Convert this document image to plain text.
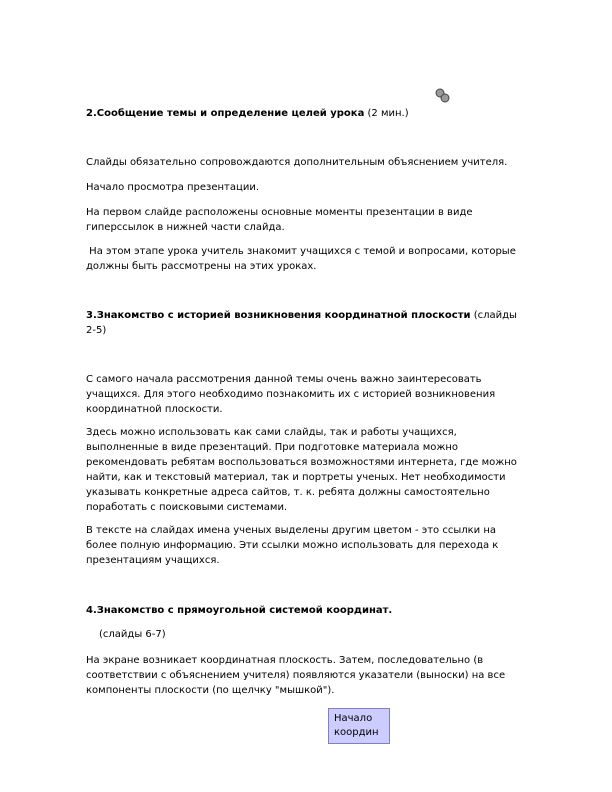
2.Сообщение темы и определение целей урока (2 мин.)

Слайды обязательно сопровождаются дополнительным объяснением учителя.

Начало просмотра презентации.

На первом слайде расположены основные моменты презентации в виде

гиперссылок в нижней части слайда.

На этом этапе урока учитель знакомит учащихся с темой и вопросами, которые

должны быть рассмотрены на этих уроках.

3.Знакомство с историей возникновения координатной плоскости (слайды

2-5)

С самого начала рассмотрения данной темы очень важно заинтересовать

учащихся. Для этого необходимо познакомить их с историей возникновения

координатной плоскости.

Здесь можно использовать как сами слайды, так и работы учащихся,

выполненные в виде презентаций. При подготовке материала можно

рекомендовать ребятам воспользоваться возможностями интернета, где можно

найти, как и текстовый материал, так и портреты ученых. Нет необходимости

указывать конкретные адреса сайтов, т. к. ребята должны самостоятельно

поработать с поисковыми системами.

В тексте на слайдах имена ученых выделены другим цветом - это ссылки на

более полную информацию. Эти ссылки можно использовать для перехода к

презентациям учащихся.

4.Знакомство с прямоугольной системой координат.

(слайды 6-7)

На экране возникает координатная плоскость. Затем, последовательно (в

соответствии с объяснением учителя) появляются указатели (выноски) на все

компоненты плоскости (по щелчку "мышкой").

Начало
координ
